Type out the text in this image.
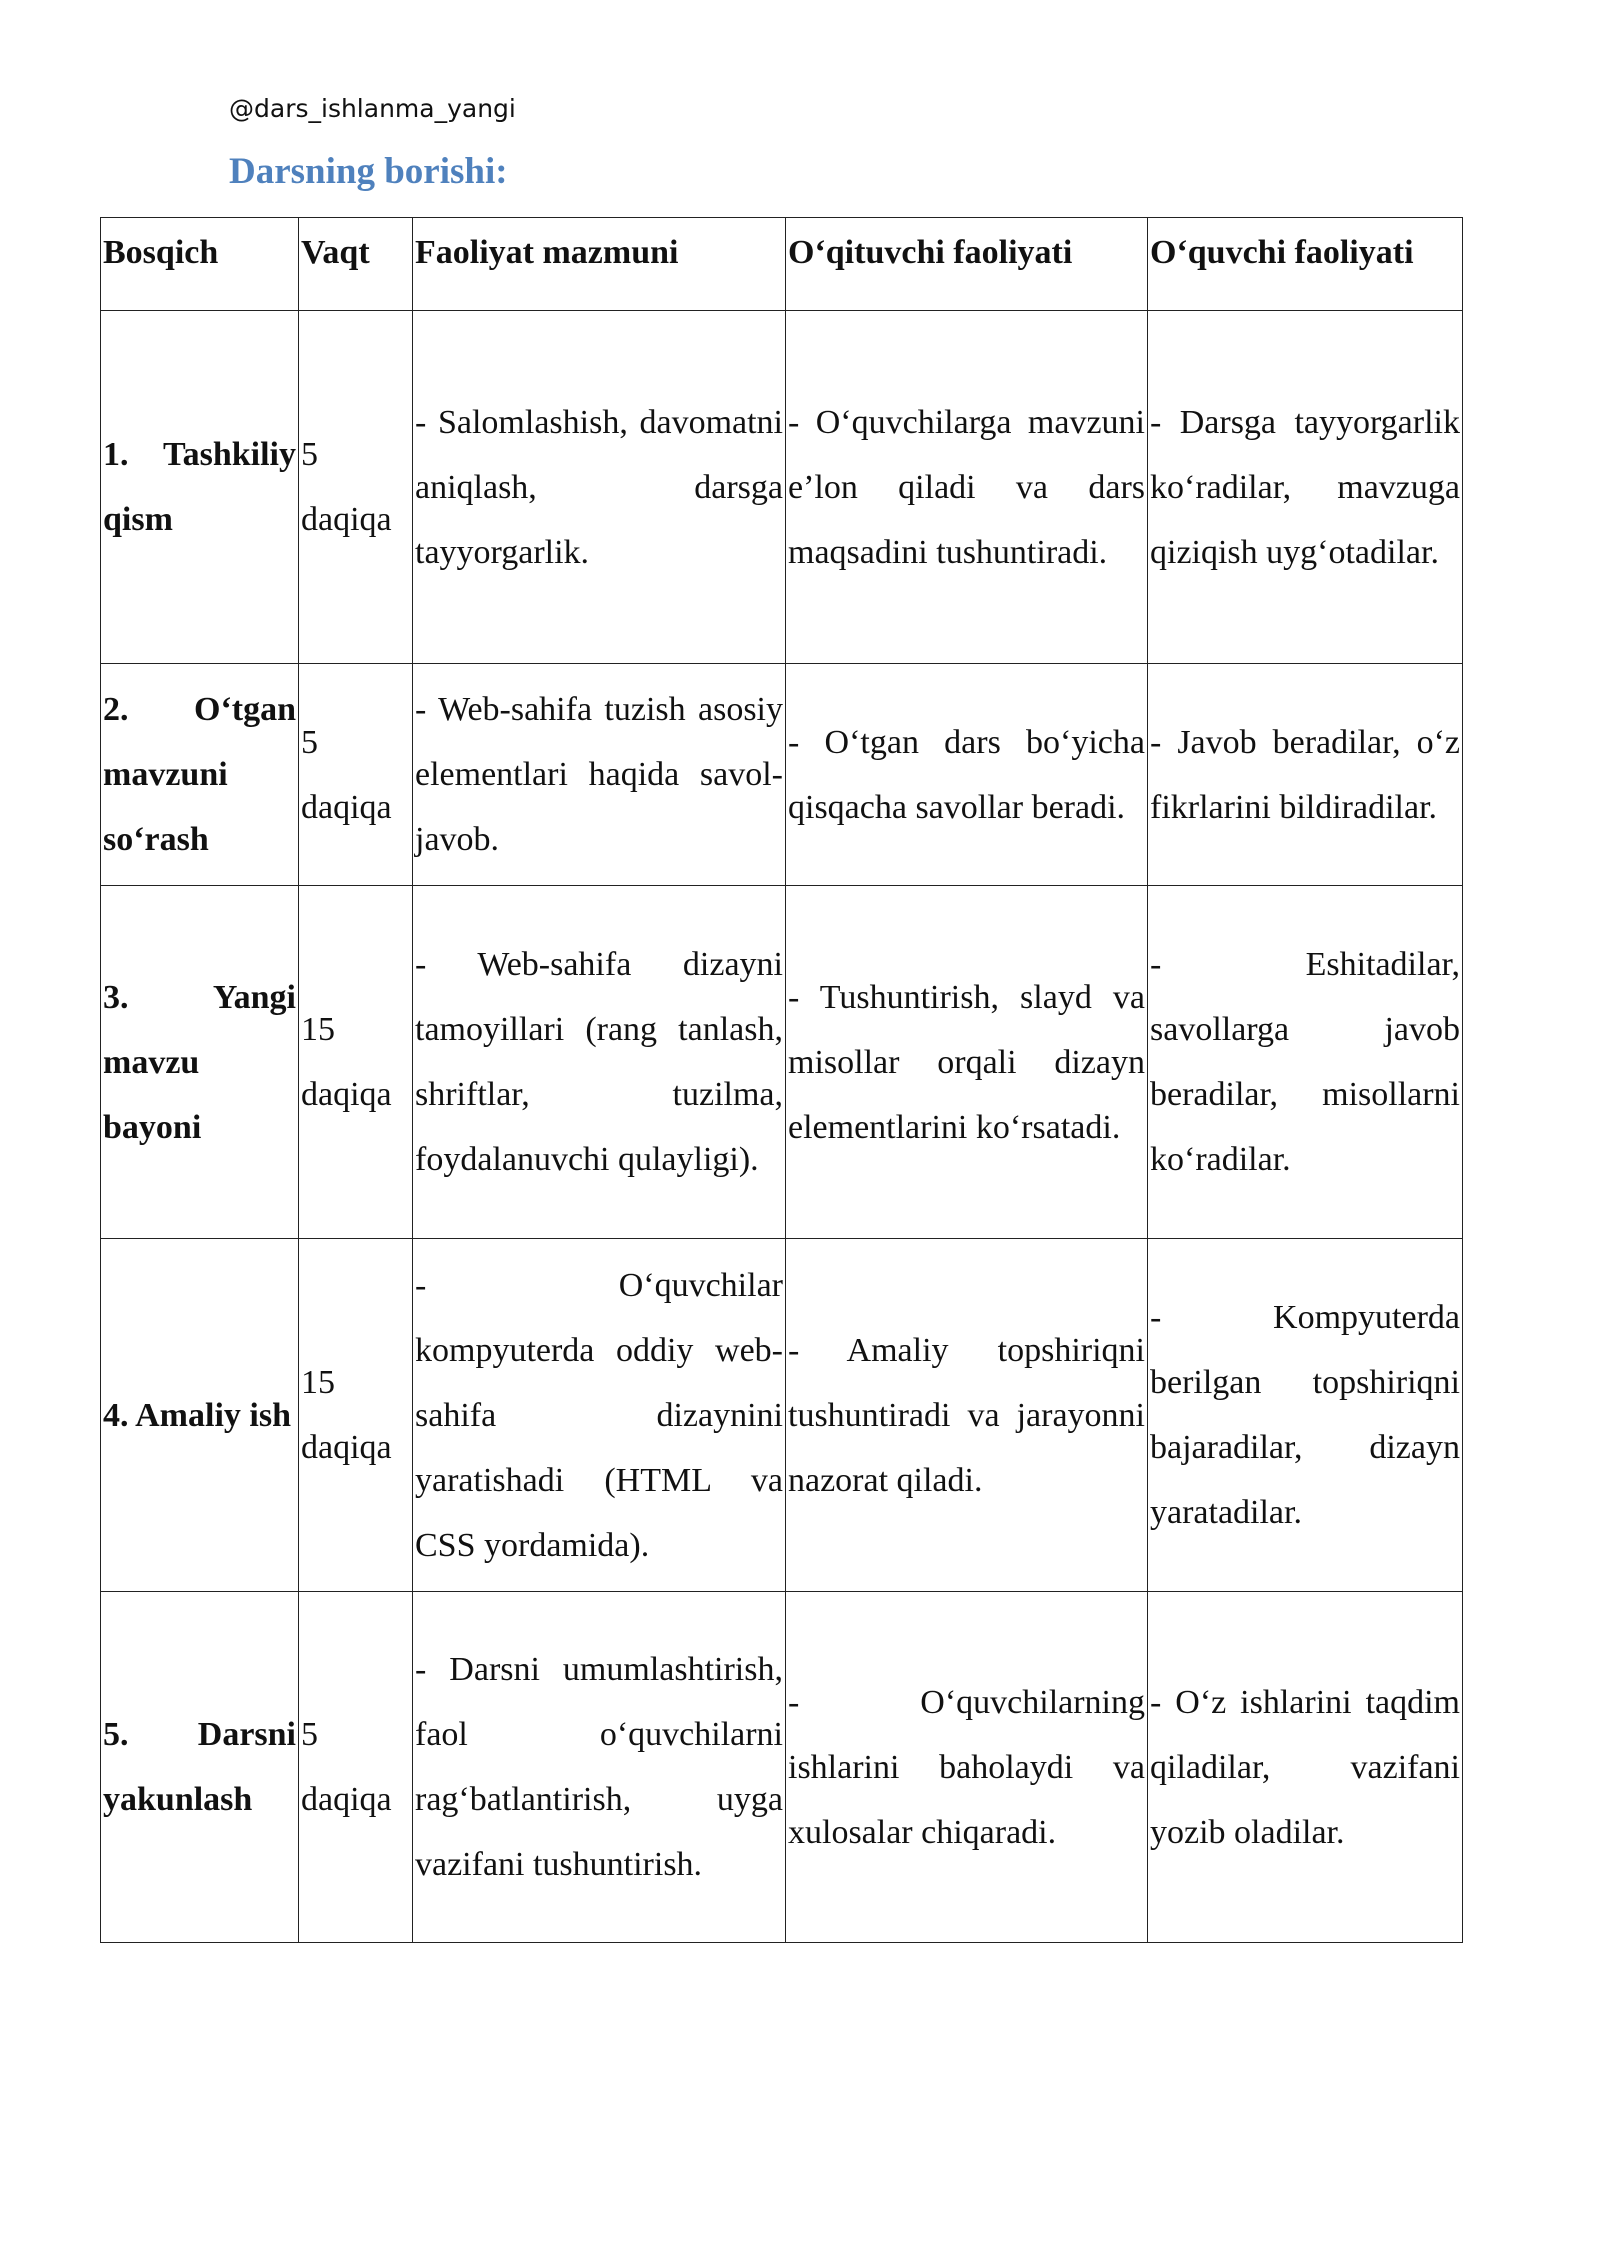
@dars_ishlanma_yangi
Darsning borishi:
Bosqich	Vaqt	Faoliyat mazmuni	O‘qituvchi faoliyati	O‘quvchi faoliyati
1. Tashkiliy qism	5 daqiqa	- Salomlashish, davomatni aniqlash, darsga tayyorgarlik.	- O‘quvchilarga mavzuni e’lon qiladi va dars maqsadini tushuntiradi.	- Darsga tayyorgarlik ko‘radilar, mavzuga qiziqish uyg‘otadilar.
2. O‘tgan mavzuni so‘rash	5 daqiqa	- Web-sahifa tuzish asosiy elementlari haqida savol-javob.	- O‘tgan dars bo‘yicha qisqacha savollar beradi.	- Javob beradilar, o‘z fikrlarini bildiradilar.
3. Yangi mavzu bayoni	15 daqiqa	- Web-sahifa dizayni tamoyillari (rang tanlash, shriftlar, tuzilma, foydalanuvchi qulayligi).	- Tushuntirish, slayd va misollar orqali dizayn elementlarini ko‘rsatadi.	- Eshitadilar, savollarga javob beradilar, misollarni ko‘radilar.
4. Amaliy ish	15 daqiqa	- O‘quvchilar kompyuterda oddiy web-sahifa dizaynini yaratishadi (HTML va CSS yordamida).	- Amaliy topshiriqni tushuntiradi va jarayonni nazorat qiladi.	- Kompyuterda berilgan topshiriqni bajaradilar, dizayn yaratadilar.
5. Darsni yakunlash	5 daqiqa	- Darsni umumlashtirish, faol o‘quvchilarni rag‘batlantirish, uyga vazifani tushuntirish.	- O‘quvchilarning ishlarini baholaydi va xulosalar chiqaradi.	- O‘z ishlarini taqdim qiladilar, vazifani yozib oladilar.
